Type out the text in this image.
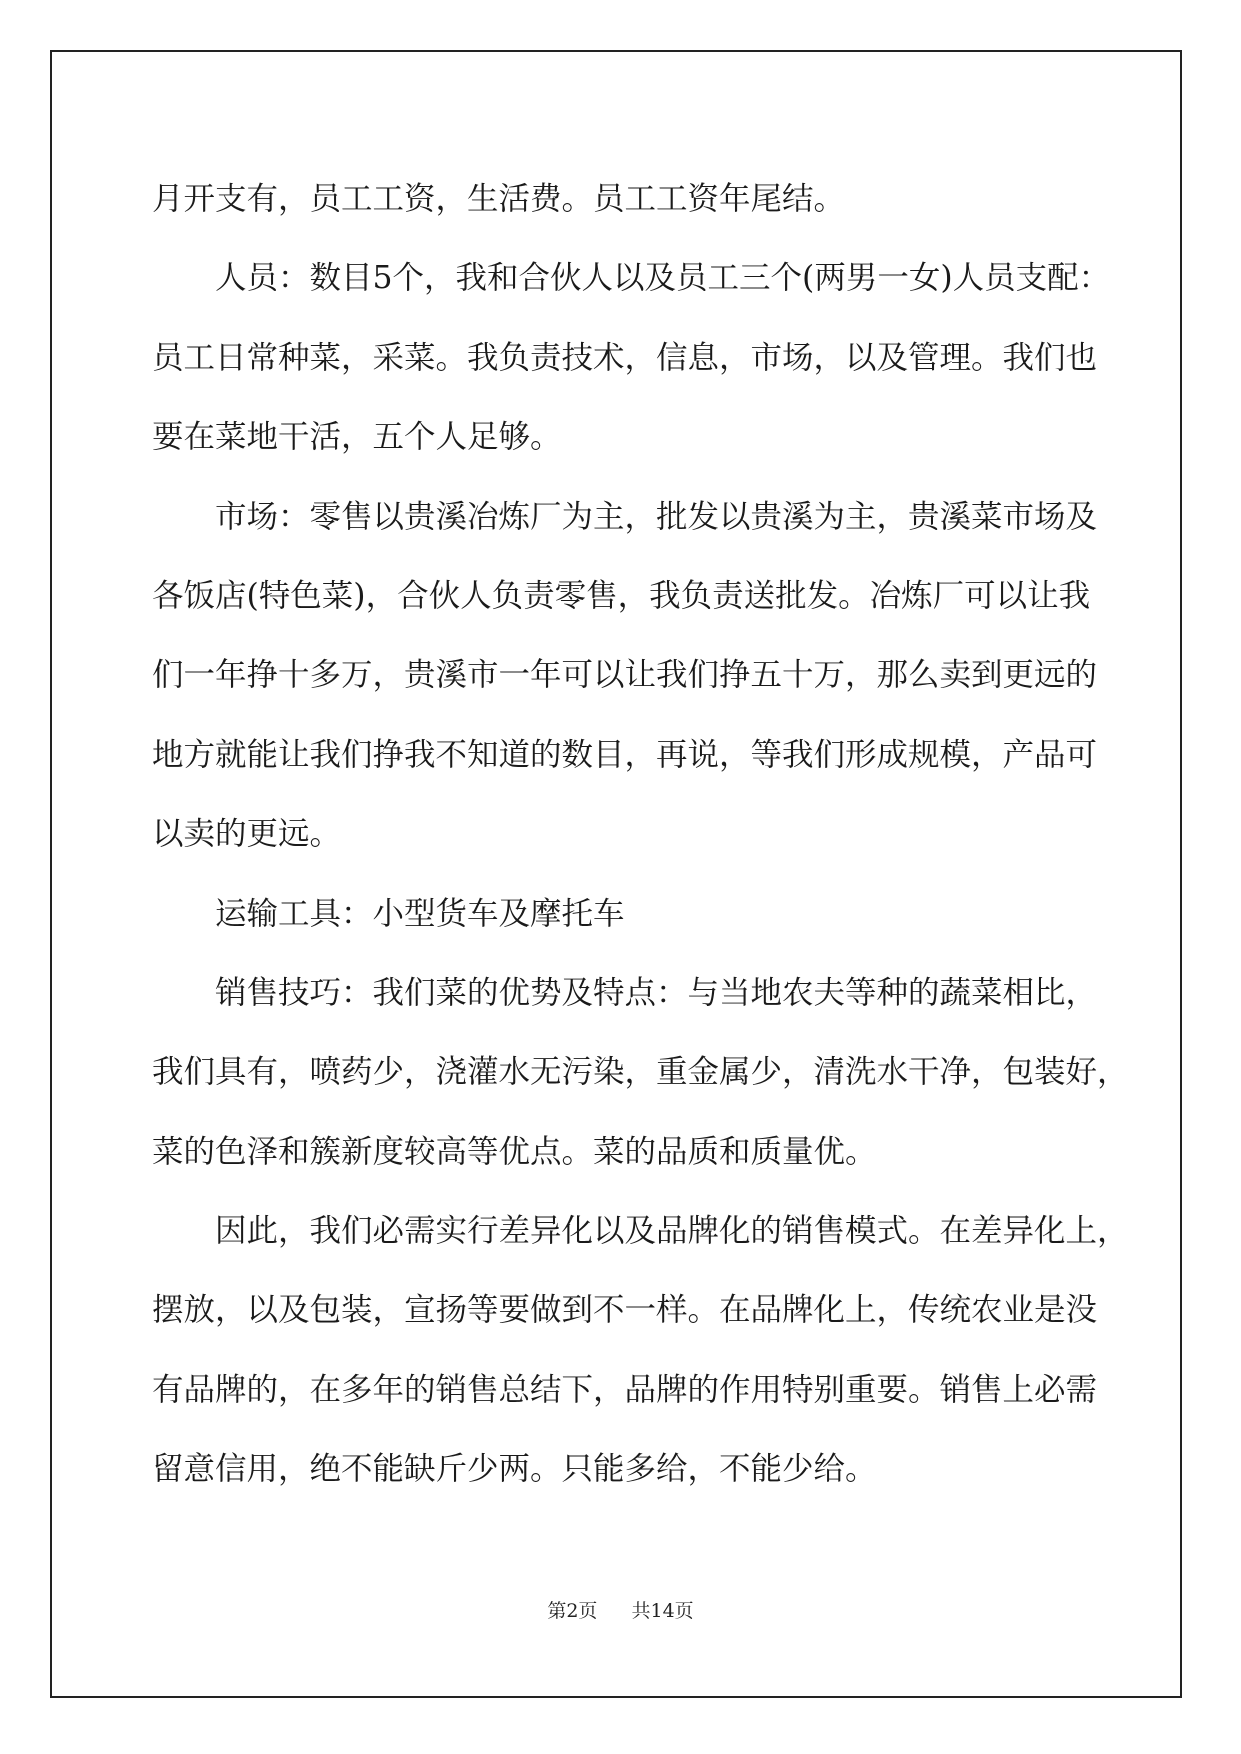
月开支有，员工工资，生活费。员工工资年尾结。
人员：数目5个，我和合伙人以及员工三个(两男一女)人员支配：
员工日常种菜，采菜。我负责技术，信息，市场，以及管理。我们也
要在菜地干活，五个人足够。
市场：零售以贵溪冶炼厂为主，批发以贵溪为主，贵溪菜市场及
各饭店(特色菜)，合伙人负责零售，我负责送批发。冶炼厂可以让我
们一年挣十多万，贵溪市一年可以让我们挣五十万，那么卖到更远的
地方就能让我们挣我不知道的数目，再说，等我们形成规模，产品可
以卖的更远。
运输工具：小型货车及摩托车
销售技巧：我们菜的优势及特点：与当地农夫等种的蔬菜相比，
我们具有，喷药少，浇灌水无污染，重金属少，清洗水干净，包装好，
菜的色泽和簇新度较高等优点。菜的品质和质量优。
因此，我们必需实行差异化以及品牌化的销售模式。在差异化上，
摆放，以及包装，宣扬等要做到不一样。在品牌化上，传统农业是没
有品牌的，在多年的销售总结下，品牌的作用特别重要。销售上必需
留意信用，绝不能缺斤少两。只能多给，不能少给。
第2页 共14页
